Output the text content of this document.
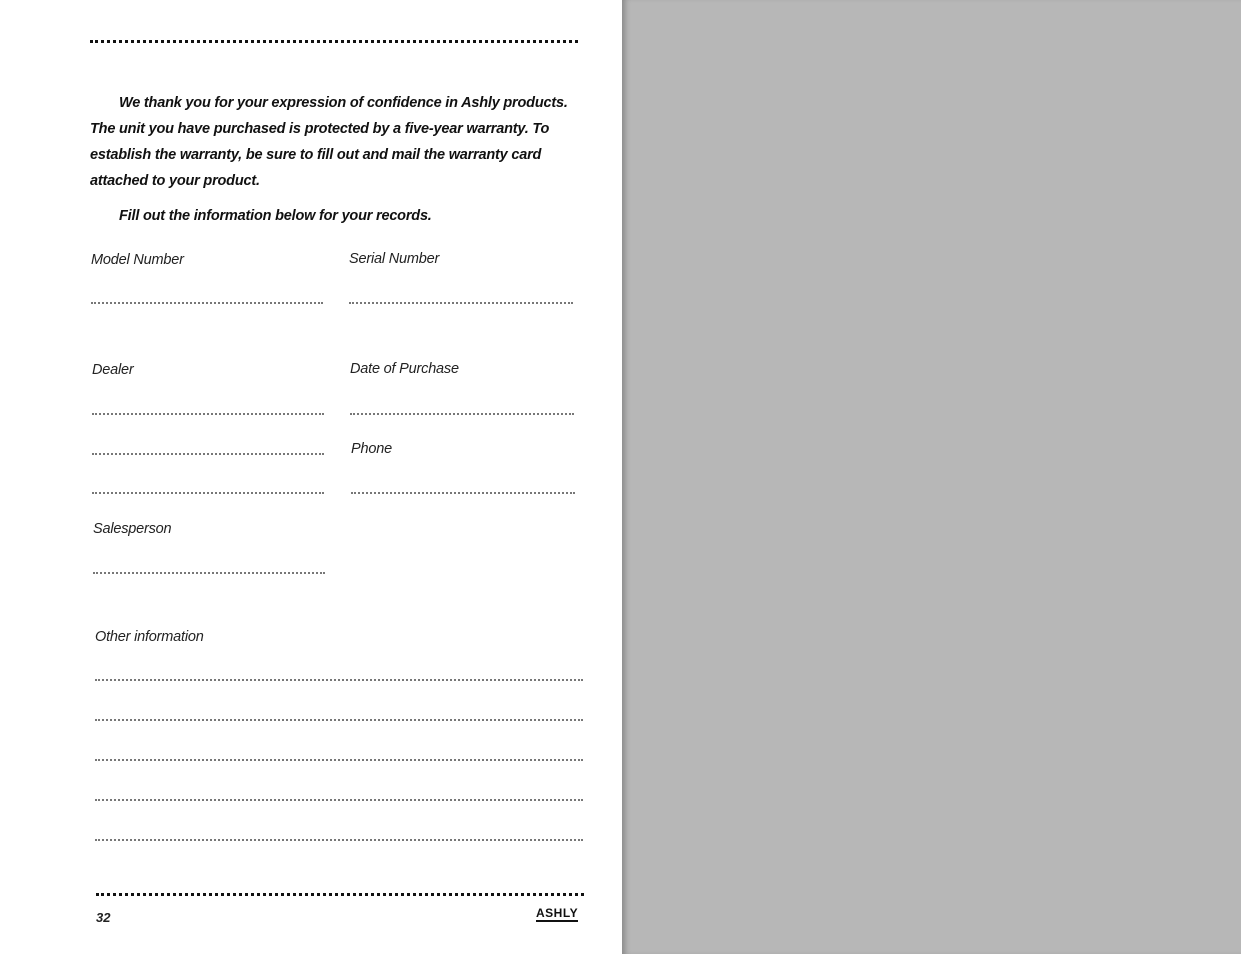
We thank you for your expression of confidence in Ashly products. The unit you have purchased is protected by a five-year warranty. To establish the warranty, be sure to fill out and mail the warranty card attached to your product.

Fill out the information below for your records.

Model Number	Serial Number
Dealer	Date of Purchase
Phone
Salesperson
Other information
32	ASHLY
